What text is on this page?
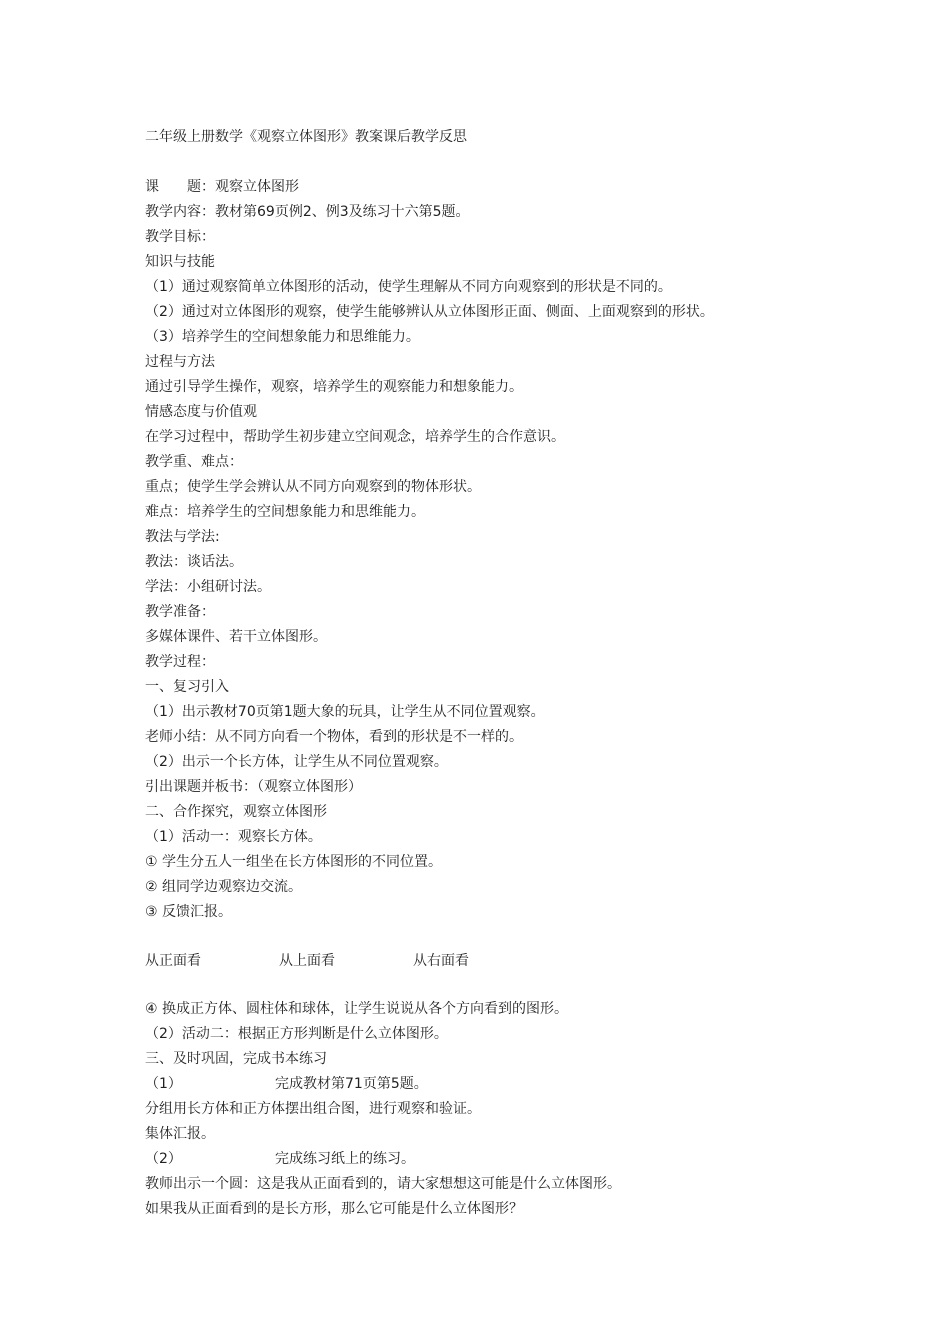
二年级上册数学《观察立体图形》教案课后教学反思
课　　题：观察立体图形
教学内容：教材第69页例2、例3及练习十六第5题。
教学目标：
知识与技能
（1）通过观察简单立体图形的活动，使学生理解从不同方向观察到的形状是不同的。
（2）通过对立体图形的观察，使学生能够辨认从立体图形正面、侧面、上面观察到的形状。
（3）培养学生的空间想象能力和思维能力。
过程与方法
通过引导学生操作，观察，培养学生的观察能力和想象能力。
情感态度与价值观
在学习过程中，帮助学生初步建立空间观念，培养学生的合作意识。
教学重、难点：
重点；使学生学会辨认从不同方向观察到的物体形状。
难点：培养学生的空间想象能力和思维能力。
教法与学法:
教法：谈话法。
学法：小组研讨法。
教学准备：
多媒体课件、若干立体图形。
教学过程：
一、复习引入
（1）出示教材70页第1题大象的玩具，让学生从不同位置观察。
老师小结：从不同方向看一个物体，看到的形状是不一样的。
（2）出示一个长方体，让学生从不同位置观察。
引出课题并板书：（观察立体图形）
二、合作探究，观察立体图形
（1）活动一：观察长方体。
① 学生分五人一组坐在长方体图形的不同位置。
② 组同学边观察边交流。
③ 反馈汇报。
从正面看	从上面看	从右面看
④ 换成正方体、圆柱体和球体，让学生说说从各个方向看到的图形。
（2）活动二：根据正方形判断是什么立体图形。
三、及时巩固，完成书本练习
（1）	完成教材第71页第5题。
分组用长方体和正方体摆出组合图，进行观察和验证。
集体汇报。
（2）	完成练习纸上的练习。
教师出示一个圆：这是我从正面看到的，请大家想想这可能是什么立体图形。
如果我从正面看到的是长方形，那么它可能是什么立体图形？
